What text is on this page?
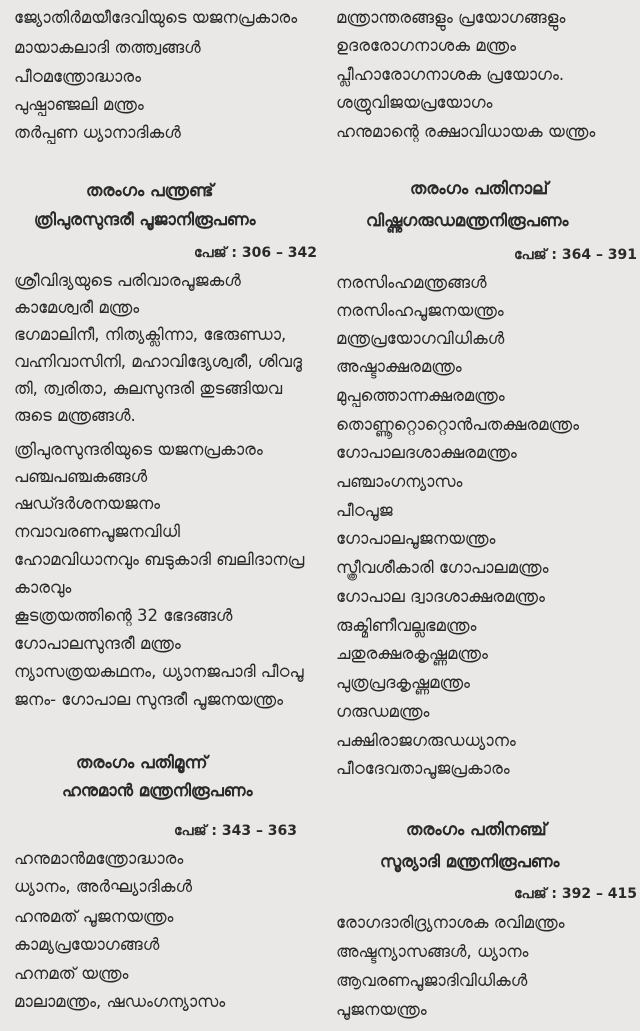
ജ്യോതിർമയീദേവിയുടെ യജനപ്രകാരം
മായാകലാദി തത്ത്വങ്ങൾ
പീഠമന്ത്രോദ്ധാരം
പുഷ്പാഞ്ജലി മന്ത്രം
തർപ്പണ ധ്യാനാദികൾ
തരംഗം പന്ത്രണ്ട്
ത്രിപുരസുന്ദരീ പൂജാനിരൂപണം
പേജ് : 306 – 342
ശ്രീവിദ്യയുടെ പരിവാരപൂജകൾ
കാമേശ്വരീ മന്ത്രം
ഭഗമാലിനീ, നിത്യക്ലിന്നാ, ഭേരുണ്ഡാ,
വഹ്നിവാസിനി, മഹാവിദ്യേശ്വരീ, ശിവദൂ
തി, ത്വരിതാ, കുലസുന്ദരി തുടങ്ങിയവ
രുടെ മന്ത്രങ്ങൾ.
ത്രിപുരസുന്ദരിയുടെ യജനപ്രകാരം
പഞ്ചപഞ്ചകങ്ങൾ
ഷഡ്ദർശനയജനം
നവാവരണപൂജനവിധി
ഹോമവിധാനവും ബടുകാദി ബലിദാനപ്ര
കാരവും
കൂടത്രയത്തിന്റെ 32 ഭേദങ്ങൾ
ഗോപാലസുന്ദരീ മന്ത്രം
ന്യാസത്രയകഥനം, ധ്യാനജപാദി പീഠപൂ
ജനം- ഗോപാല സുന്ദരീ പൂജനയന്ത്രം
തരംഗം പതിമൂന്ന്
ഹനുമാൻ മന്ത്രനിരൂപണം
പേജ് : 343 – 363
ഹനുമാൻമന്ത്രോദ്ധാരം
ധ്യാനം, അർഘ്യാദികൾ
ഹനുമത് പൂജനയന്ത്രം
കാമ്യപ്രയോഗങ്ങൾ
ഹനമത് യന്ത്രം
മാലാമന്ത്രം, ഷഡംഗന്യാസം
മന്ത്രാന്തരങ്ങളും പ്രയോഗങ്ങളും
ഉദരരോഗനാശക മന്ത്രം
പ്ലീഹാരോഗനാശക പ്രയോഗം.
ശത്രുവിജയപ്രയോഗം
ഹനുമാന്റെ രക്ഷാവിധായക യന്ത്രം
തരംഗം പതിനാല്
വിഷ്ണുഗരുഡമന്ത്രനിരൂപണം
പേജ് : 364 – 391
നരസിംഹമന്ത്രങ്ങൾ
നരസിംഹപൂജനയന്ത്രം
മന്ത്രപ്രയോഗവിധികൾ
അഷ്ടാക്ഷരമന്ത്രം
മുപ്പത്തൊന്നക്ഷരമന്ത്രം
തൊണ്ണൂറ്റൊറ്റൊൻപതക്ഷരമന്ത്രം
ഗോപാലദശാക്ഷരമന്ത്രം
പഞ്ചാംഗന്യാസം
പീഠപൂജ
ഗോപാലപൂജനയന്ത്രം
സ്ത്രീവശീകാരി ഗോപാലമന്ത്രം
ഗോപാല ദ്വാദശാക്ഷരമന്ത്രം
രുക്മിണീവല്ലഭമന്ത്രം
ചതുരക്ഷരകൃഷ്ണമന്ത്രം
പുത്രപ്രദകൃഷ്ണമന്ത്രം
ഗരുഡമന്ത്രം
പക്ഷിരാജഗരുഡധ്യാനം
പീഠദേവതാപൂജപ്രകാരം
തരംഗം പതിനഞ്ച്
സൂര്യാദി മന്ത്രനിരൂപണം
പേജ് : 392 – 415
രോഗദാരിദ്ര്യനാശക രവിമന്ത്രം
അഷ്ടന്യാസങ്ങൾ, ധ്യാനം
ആവരണപൂജാദിവിധികൾ
പൂജനയന്ത്രം
